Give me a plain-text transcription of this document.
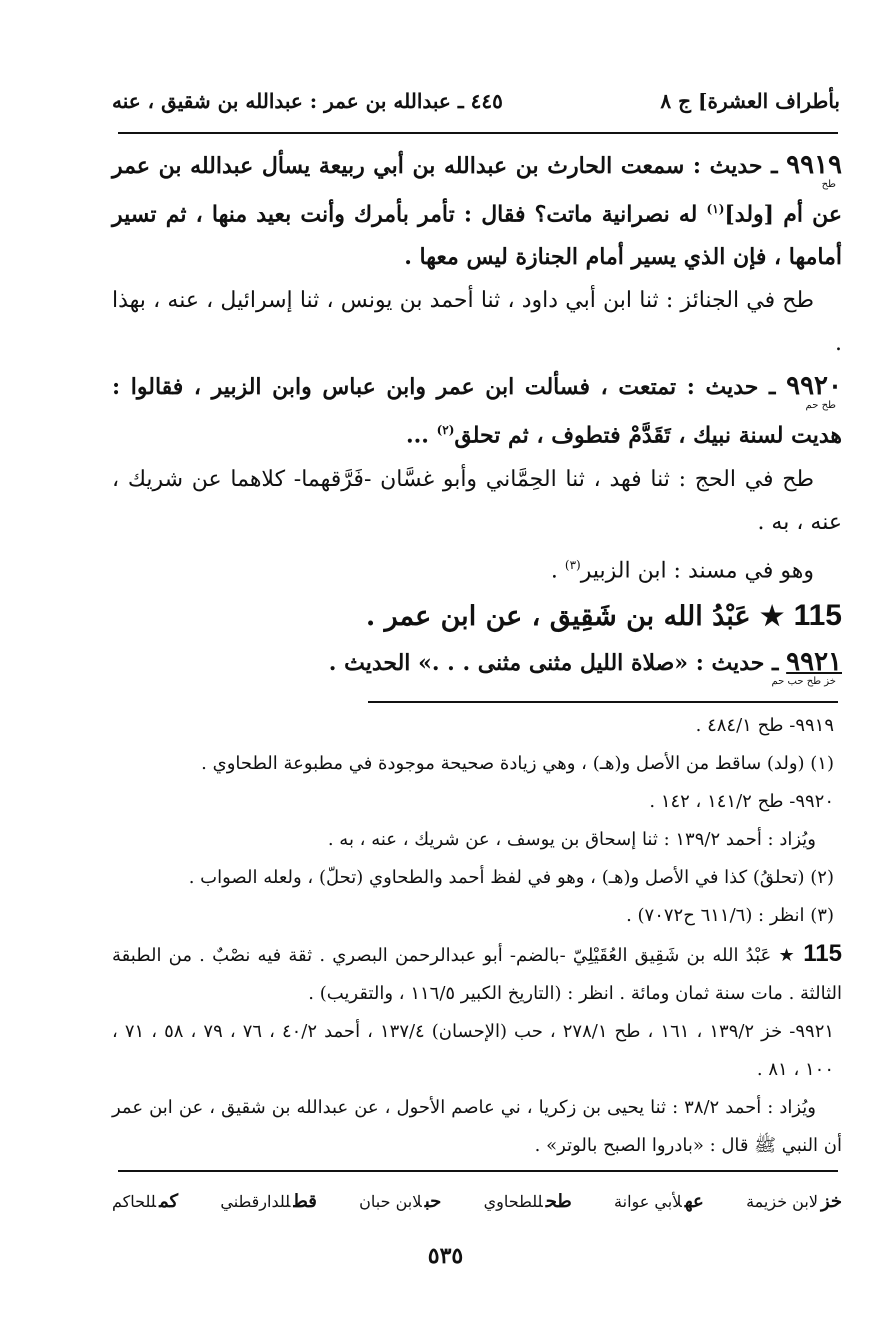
بأطراف العشرة] ج ٨
٤٤٥ ـ عبدالله بن عمر : عبدالله بن شقيق ، عنه

٩٩١٩
طح
ـ حديث : سمعت الحارث بن عبدالله بن أبي ربيعة يسأل عبدالله بن عمر عن أم [ولد]$^{(١)}$ له نصرانية ماتت؟ فقال : تأمر بأمرك وأنت بعيد منها ، ثم تسير أمامها ، فإن الذي يسير أمام الجنازة ليس معها .

طح في الجنائز : ثنا ابن أبي داود ، ثنا أحمد بن يونس ، ثنا إسرائيل ، عنه ، بهذا .

٩٩٢٠
طح حم
ـ حديث : تمتعت ، فسألت ابن عمر وابن عباس وابن الزبير ، فقالوا : هديت لسنة نبيك ، تَقَدَّمْ فتطوف ، ثم تحلق$^{(٢)}$ ...

طح في الحج : ثنا فهد ، ثنا الحِمَّاني وأبو غسَّان -فَرَّقهما- كلاهما عن شريك ، عنه ، به .

وهو في مسند : ابن الزبير$^{(٣)}$ .

115 ★ عَبْدُ الله بن شَقِيق ، عن ابن عمر .

٩٩٢١
خز طح حب حم
ـ حديث : «صلاة الليل مثنى مثنى . . .» الحديث .

٩٩١٩- طح ٤٨٤/١ .

(١) (ولد) ساقط من الأصل و(هـ) ، وهي زيادة صحيحة موجودة في مطبوعة الطحاوي .

٩٩٢٠- طح ١٤١/٢ ، ١٤٢ .

ويُزاد : أحمد ١٣٩/٢ : ثنا إسحاق بن يوسف ، عن شريك ، عنه ، به .

(٢) (تحلقُ) كذا في الأصل و(هـ) ، وهو في لفظ أحمد والطحاوي (تحلّ) ، ولعله الصواب .

(٣) انظر : (٦١١/٦ ح٧٠٧٢) .

115 ★ عَبْدُ الله بن شَقِيق العُقَيْلِيّ -بالضم- أبو عبدالرحمن البصري . ثقة فيه نصْبٌ . من الطبقة الثالثة . مات سنة ثمان ومائة . انظر : (التاريخ الكبير ١١٦/٥ ، والتقريب) .

٩٩٢١- خز ١٣٩/٢ ، ١٦١ ، طح ٢٧٨/١ ، حب (الإحسان) ١٣٧/٤ ، أحمد ٤٠/٢ ، ٧٦ ، ٧٩ ، ٥٨ ، ٧١ ، ١٠٠ ، ٨١ .

ويُزاد : أحمد ٣٨/٢ : ثنا يحيى بن زكريا ، ني عاصم الأحول ، عن عبدالله بن شقيق ، عن ابن عمر أن النبي ﷺ قال : «بادروا الصبح بالوتر» .

خزلابن خزيمة
عهلأبي عوانة
طحللطحاوي
حبلابن حبان
قطللدارقطني
كمللحاكم
٥٣٥
